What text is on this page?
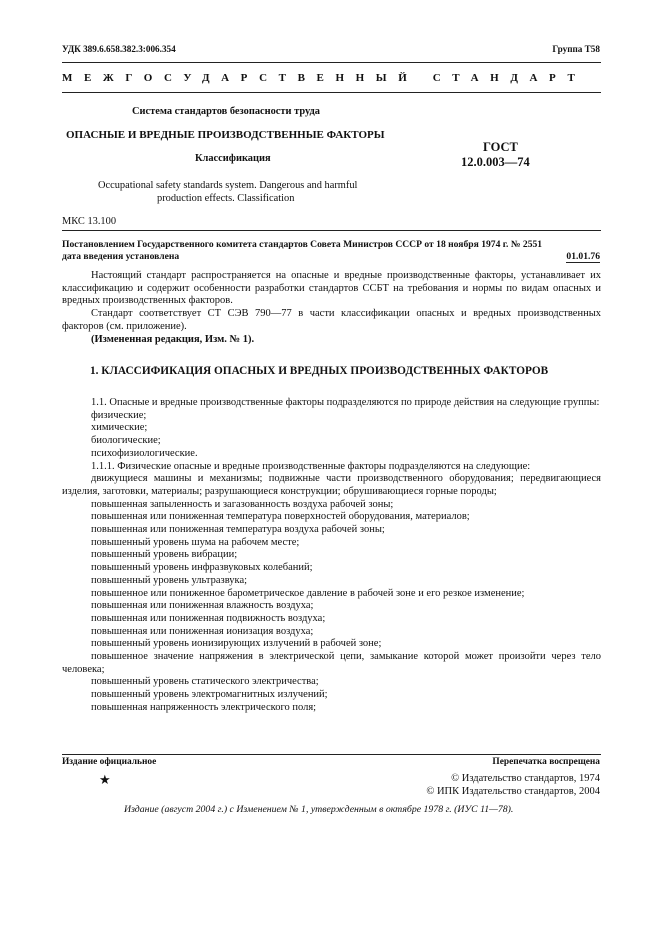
УДК 389.6.658.382.3:006.354	Группа Т58
МЕЖГОСУДАРСТВЕННЫЙ СТАНДАРТ
Система стандартов безопасности труда
ОПАСНЫЕ И ВРЕДНЫЕ ПРОИЗВОДСТВЕННЫЕ ФАКТОРЫ
Классификация
ГОСТ
12.0.003—74
Occupational safety standards system. Dangerous and harmful
production effects. Classification
МКС 13.100
Постановлением Государственного комитета стандартов Совета Министров СССР от 18 ноября 1974 г. № 2551
дата введения установлена	01.01.76

Настоящий стандарт распространяется на опасные и вредные производственные факторы, устанавливает их классификацию и содержит особенности разработки стандартов ССБТ на требования и нормы по видам опасных и вредных производственных факторов.

Стандарт соответствует СТ СЭВ 790—77 в части классификации опасных и вредных производственных факторов (см. приложение).

(Измененная редакция, Изм. № 1).

1. КЛАССИФИКАЦИЯ ОПАСНЫХ И ВРЕДНЫХ ПРОИЗВОДСТВЕННЫХ ФАКТОРОВ

1.1. Опасные и вредные производственные факторы подразделяются по природе действия на следующие группы:

физические;

химические;

биологические;

психофизиологические.

1.1.1. Физические опасные и вредные производственные факторы подразделяются на следующие:

движущиеся машины и механизмы; подвижные части производственного оборудования; передвигающиеся изделия, заготовки, материалы; разрушающиеся конструкции; обрушивающиеся горные породы;

повышенная запыленность и загазованность воздуха рабочей зоны;

повышенная или пониженная температура поверхностей оборудования, материалов;

повышенная или пониженная температура воздуха рабочей зоны;

повышенный уровень шума на рабочем месте;

повышенный уровень вибрации;

повышенный уровень инфразвуковых колебаний;

повышенный уровень ультразвука;

повышенное или пониженное барометрическое давление в рабочей зоне и его резкое изменение;

повышенная или пониженная влажность воздуха;

повышенная или пониженная подвижность воздуха;

повышенная или пониженная ионизация воздуха;

повышенный уровень ионизирующих излучений в рабочей зоне;

повышенное значение напряжения в электрической цепи, замыкание которой может произойти через тело человека;

повышенный уровень статического электричества;

повышенный уровень электромагнитных излучений;

повышенная напряженность электрического поля;

Издание официальное	Перепечатка воспрещена
★	© Издательство стандартов, 1974
© ИПК Издательство стандартов, 2004
Издание (август 2004 г.) с Изменением № 1, утвержденным в октябре 1978 г. (ИУС 11—78).
